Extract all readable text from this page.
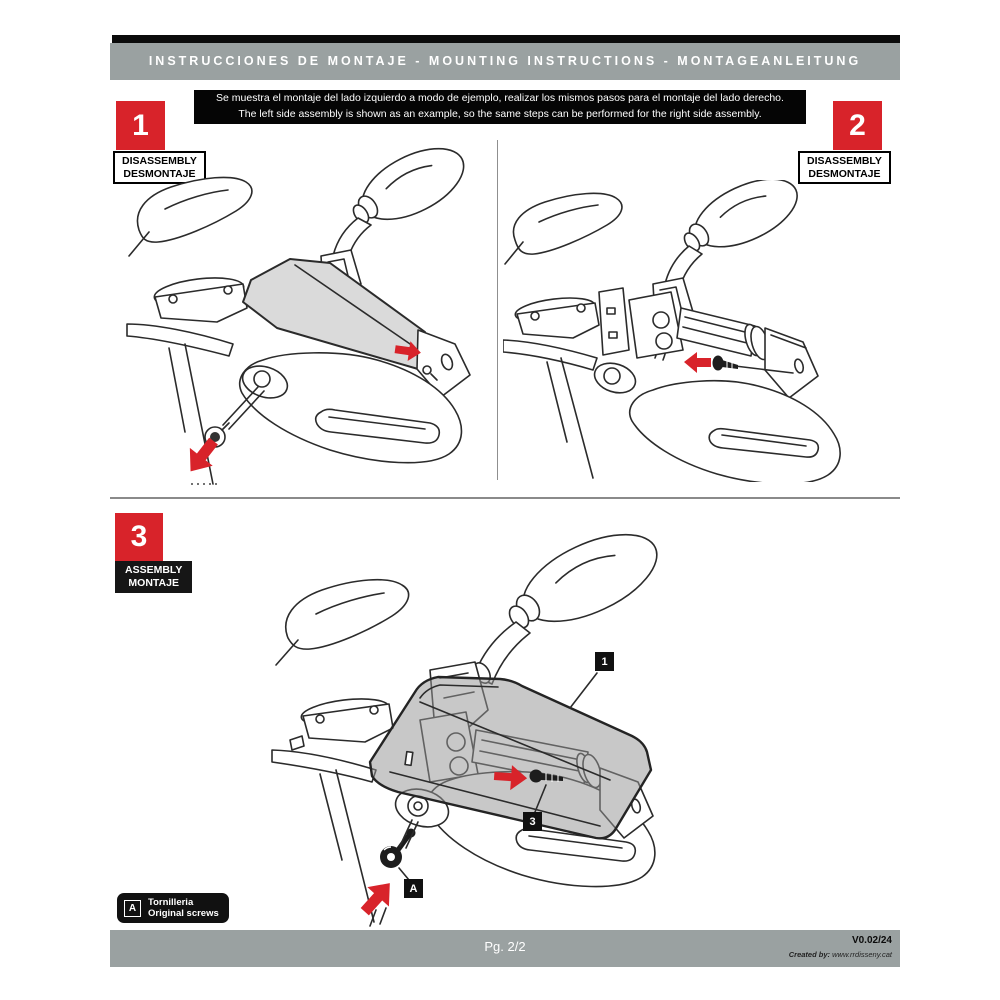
INSTRUCCIONES DE MONTAJE - MOUNTING INSTRUCTIONS - MONTAGEANLEITUNG
Se muestra el montaje del lado izquierdo a modo de ejemplo, realizar los mismos pasos para el montaje del lado derecho.
The left side assembly is shown as an example, so the same steps can be performed for the right side assembly.
1
DISASSEMBLY
DESMONTAJE
2
DISASSEMBLY
DESMONTAJE
3
ASSEMBLY
MONTAJE
1
3
A
A	Tornilleria
Original screws
Pg. 2/2	V0.02/24
Created by: www.rrdisseny.cat
